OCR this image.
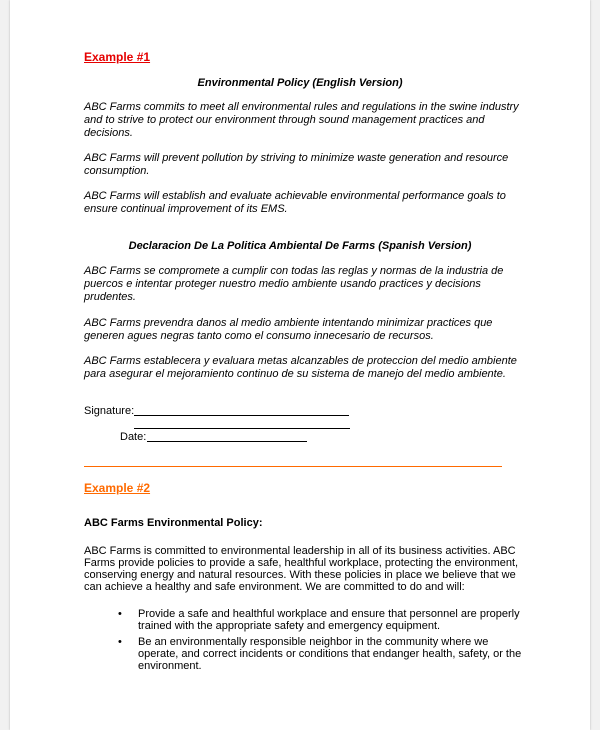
Example #1
Environmental Policy (English Version)
ABC Farms commits to meet all environmental rules and regulations in the swine industry and to strive to protect our environment through sound management practices and decisions.
ABC Farms will prevent pollution by striving to minimize waste generation and resource consumption.
ABC Farms will establish and evaluate achievable environmental performance goals to ensure continual improvement of its EMS.
Declaracion De La Politica Ambiental De Farms (Spanish Version)
ABC Farms se compromete a cumplir con todas las reglas y normas de la industria de puercos e intentar proteger nuestro medio ambiente usando practices y decisions prudentes.
ABC Farms prevendra danos al medio ambiente intentando minimizar practices que generen agues negras tanto como el consumo innecesario de recursos.
ABC Farms establecera y evaluara metas alcanzables de proteccion del medio ambiente para asegurar el mejoramiento continuo de su sistema de manejo del medio ambiente.
Signature:
Date:
Example #2
ABC Farms Environmental Policy:
ABC Farms is committed to environmental leadership in all of its business activities. ABC Farms provide policies to provide a safe, healthful workplace, protecting the environment, conserving energy and natural resources. With these policies in place we believe that we can achieve a healthy and safe environment. We are committed to do and will:
• Provide a safe and healthful workplace and ensure that personnel are properly trained with the appropriate safety and emergency equipment.
• Be an environmentally responsible neighbor in the community where we operate, and correct incidents or conditions that endanger health, safety, or the environment.
